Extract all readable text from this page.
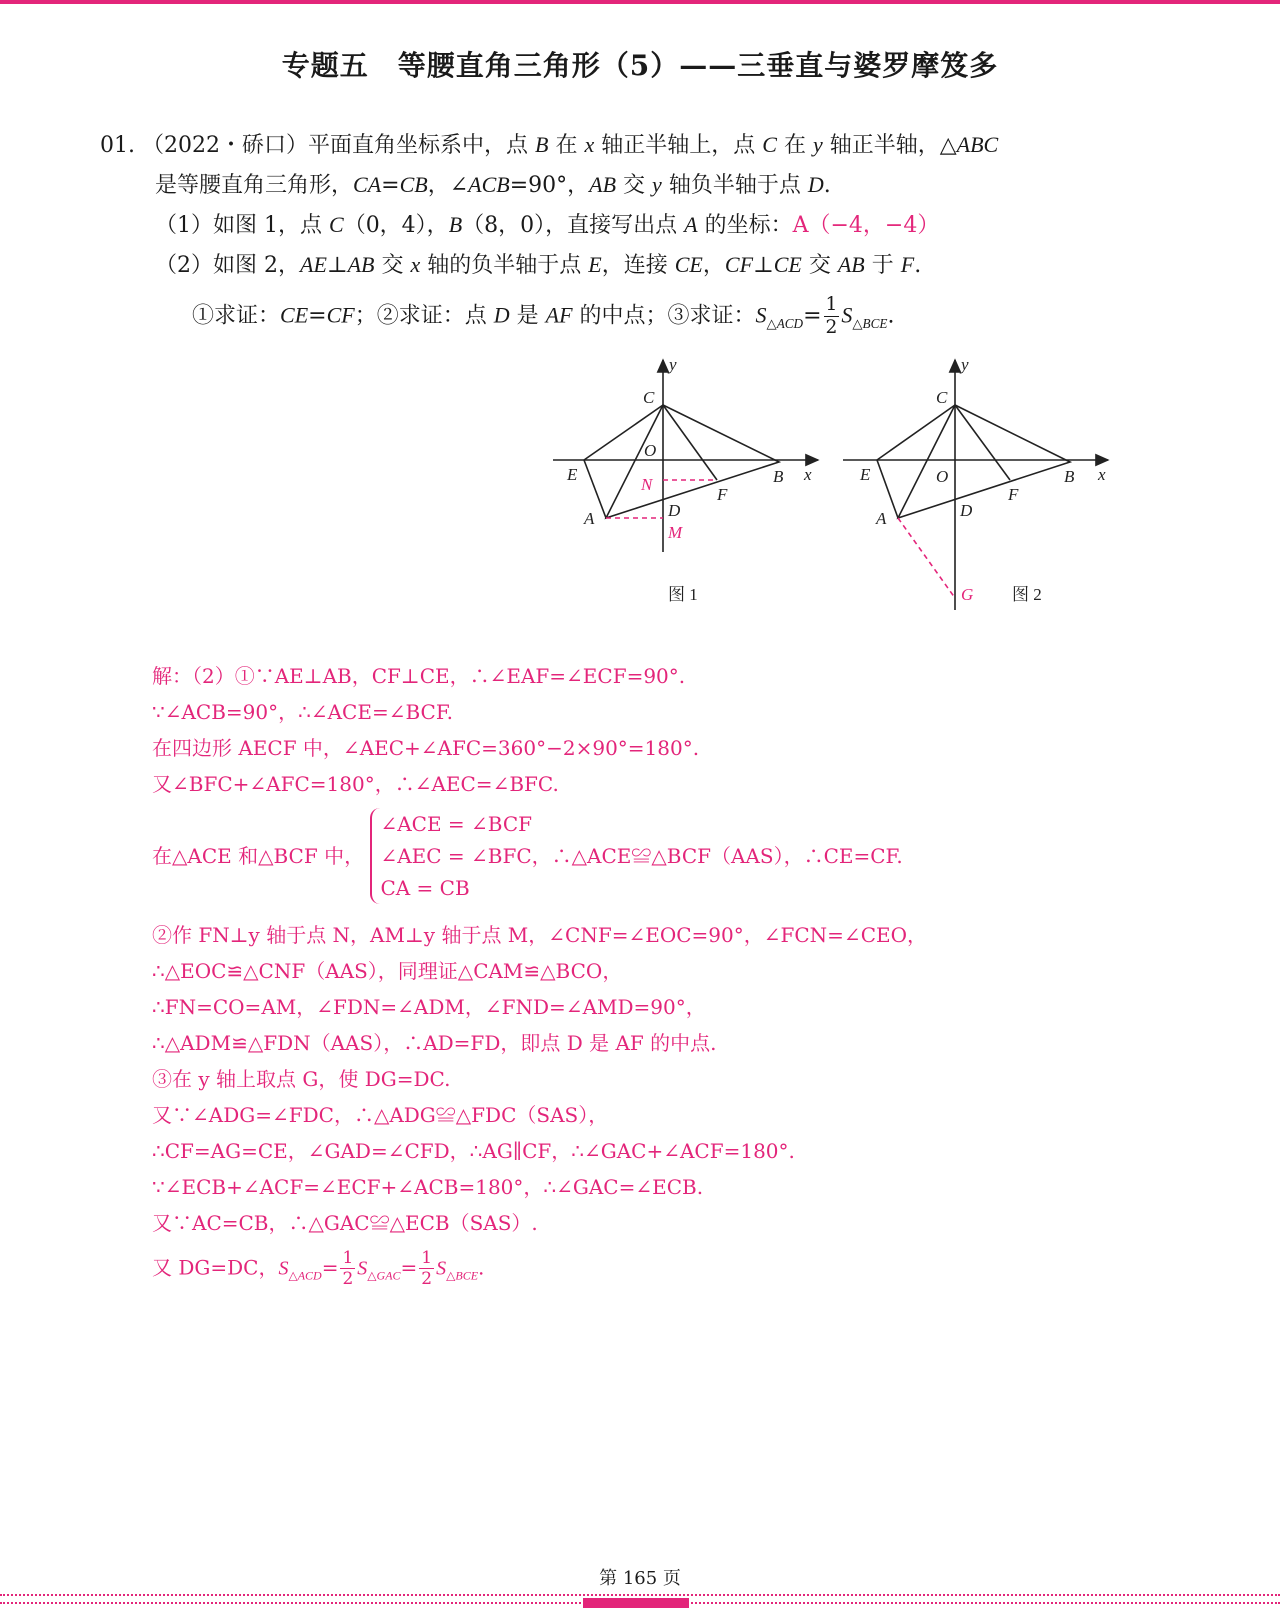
专题五　等腰直角三角形（5）——三垂直与婆罗摩笈多
01. （2022・硚口）平面直角坐标系中，点 B 在 x 轴正半轴上，点 C 在 y 轴正半轴，△ABC
是等腰直角三角形，CA=CB，∠ACB=90°，AB 交 y 轴负半轴于点 D.
（1）如图 1，点 C（0，4），B（8，0），直接写出点 A 的坐标：A（−4，−4）
（2）如图 2，AE⊥AB 交 x 轴的负半轴于点 E，连接 CE，CF⊥CE 交 AB 于 F.
①求证：CE=CF；②求证：点 D 是 AF 的中点；③求证：$S_{\triangle ACD}= \frac{1}{2} S_{\triangle BCE}$.
y
x
C
O
E
N
F
B
D
A
M
图 1
y
x
C
O
E
F
B
D
A
G 图 2
解：（2）①∵AE⊥AB，CF⊥CE，∴∠EAF=∠ECF=90°.
∵∠ACB=90°，∴∠ACE=∠BCF.
在四边形 AECF 中，∠AEC+∠AFC=360°−2×90°=180°.
又∠BFC+∠AFC=180°，∴∠AEC=∠BFC.
在△ACE 和△BCF 中，
∠ACE = ∠BCF
∠AEC = ∠BFC，∴△ACE≌△BCF（AAS），∴CE=CF.
CA = CB
②作 FN⊥y 轴于点 N，AM⊥y 轴于点 M，∠CNF=∠EOC=90°，∠FCN=∠CEO，
∴△EOC≌△CNF（AAS），同理证△CAM≌△BCO，
∴FN=CO=AM，∠FDN=∠ADM，∠FND=∠AMD=90°，
∴△ADM≌△FDN（AAS），∴AD=FD，即点 D 是 AF 的中点.
③在 y 轴上取点 G，使 DG=DC.
又∵∠ADG=∠FDC，∴△ADG≌△FDC（SAS），
∴CF=AG=CE，∠GAD=∠CFD，∴AG∥CF，∴∠GAC+∠ACF=180°.
∵∠ECB+∠ACF=∠ECF+∠ACB=180°，∴∠GAC=∠ECB.
又∵AC=CB，∴△GAC≌△ECB（SAS）.
又 DG=DC，$S_{\triangle ACD}= \frac{1}{2} S_{\triangle GAC}= \frac{1}{2} S_{\triangle BCE}$.
第 165 页
